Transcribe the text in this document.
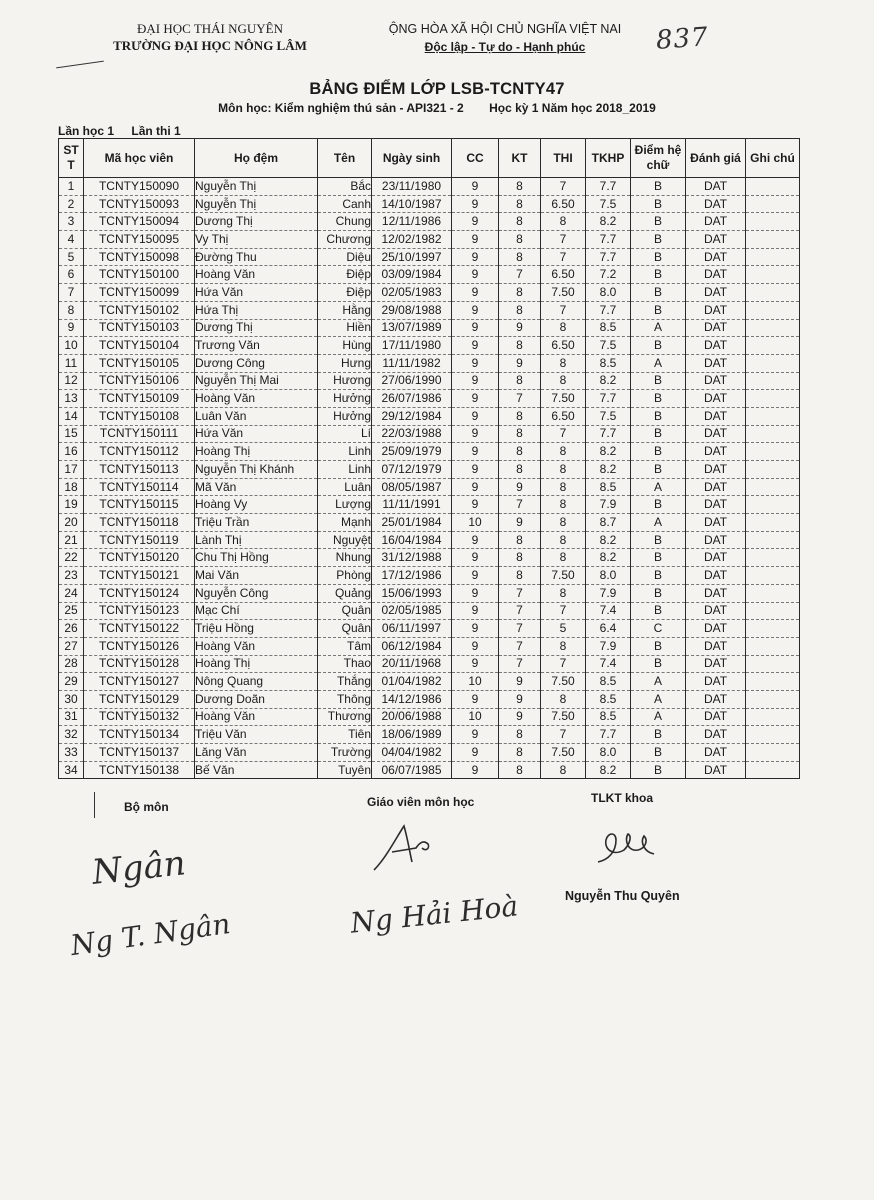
ĐẠI HỌC THÁI NGUYÊN
TRƯỜNG ĐẠI HỌC NÔNG LÂM
ỘNG HÒA XÃ HỘI CHỦ NGHĨA VIỆT NAI
Độc lập - Tự do - Hạnh phúc	837
BẢNG ĐIỂM LỚP LSB-TCNTY47
Môn học: Kiểm nghiệm thú sản - API321 - 2 Học kỳ 1 Năm học 2018_2019
Lần học 1 Lần thi 1
ST T	Mã học viên	Họ đệm	Tên	Ngày sinh	CC	KT	THI	TKHP	Điểm hệ chữ	Đánh giá	Ghi chú
1	TCNTY150090	Nguyễn Thị	Bắc	23/11/1980	9	8	7	7.7	B	DAT	
2	TCNTY150093	Nguyễn Thị	Canh	14/10/1987	9	8	6.50	7.5	B	DAT	
3	TCNTY150094	Dương Thị	Chung	12/11/1986	9	8	8	8.2	B	DAT	
4	TCNTY150095	Vy Thị	Chương	12/02/1982	9	8	7	7.7	B	DAT	
5	TCNTY150098	Đường Thu	Diệu	25/10/1997	9	8	7	7.7	B	DAT	
6	TCNTY150100	Hoàng Văn	Điệp	03/09/1984	9	7	6.50	7.2	B	DAT	
7	TCNTY150099	Hứa Văn	Điệp	02/05/1983	9	8	7.50	8.0	B	DAT	
8	TCNTY150102	Hứa Thị	Hằng	29/08/1988	9	8	7	7.7	B	DAT	
9	TCNTY150103	Dương Thị	Hiền	13/07/1989	9	9	8	8.5	A	DAT	
10	TCNTY150104	Trương Văn	Hùng	17/11/1980	9	8	6.50	7.5	B	DAT	
11	TCNTY150105	Dương Công	Hưng	11/11/1982	9	9	8	8.5	A	DAT	
12	TCNTY150106	Nguyễn Thị Mai	Hương	27/06/1990	9	8	8	8.2	B	DAT	
13	TCNTY150109	Hoàng Văn	Hưởng	26/07/1986	9	7	7.50	7.7	B	DAT	
14	TCNTY150108	Luân Văn	Hưởng	29/12/1984	9	8	6.50	7.5	B	DAT	
15	TCNTY150111	Hứa Văn	Lí	22/03/1988	9	8	7	7.7	B	DAT	
16	TCNTY150112	Hoàng Thị	Linh	25/09/1979	9	8	8	8.2	B	DAT	
17	TCNTY150113	Nguyễn Thị Khánh	Linh	07/12/1979	9	8	8	8.2	B	DAT	
18	TCNTY150114	Mã Văn	Luân	08/05/1987	9	9	8	8.5	A	DAT	
19	TCNTY150115	Hoàng Vy	Lượng	11/11/1991	9	7	8	7.9	B	DAT	
20	TCNTY150118	Triệu Trần	Mạnh	25/01/1984	10	9	8	8.7	A	DAT	
21	TCNTY150119	Lành Thị	Nguyệt	16/04/1984	9	8	8	8.2	B	DAT	
22	TCNTY150120	Chu Thị Hồng	Nhung	31/12/1988	9	8	8	8.2	B	DAT	
23	TCNTY150121	Mai Văn	Phòng	17/12/1986	9	8	7.50	8.0	B	DAT	
24	TCNTY150124	Nguyễn Công	Quảng	15/06/1993	9	7	8	7.9	B	DAT	
25	TCNTY150123	Mạc Chí	Quân	02/05/1985	9	7	7	7.4	B	DAT	
26	TCNTY150122	Triệu Hồng	Quân	06/11/1997	9	7	5	6.4	C	DAT	
27	TCNTY150126	Hoàng Văn	Tâm	06/12/1984	9	7	8	7.9	B	DAT	
28	TCNTY150128	Hoàng Thị	Thao	20/11/1968	9	7	7	7.4	B	DAT	
29	TCNTY150127	Nông Quang	Thắng	01/04/1982	10	9	7.50	8.5	A	DAT	
30	TCNTY150129	Dương Doãn	Thông	14/12/1986	9	9	8	8.5	A	DAT	
31	TCNTY150132	Hoàng Văn	Thương	20/06/1988	10	9	7.50	8.5	A	DAT	
32	TCNTY150134	Triệu Văn	Tiên	18/06/1989	9	8	7	7.7	B	DAT	
33	TCNTY150137	Lăng Văn	Trường	04/04/1982	9	8	7.50	8.0	B	DAT	
34	TCNTY150138	Bế Văn	Tuyên	06/07/1985	9	8	8	8.2	B	DAT	
Bộ môn	Giáo viên môn học	TLKT khoa
Ngân
Ng T. Ngân	Ng Hải Hoà	Nguyễn Thu Quyên
